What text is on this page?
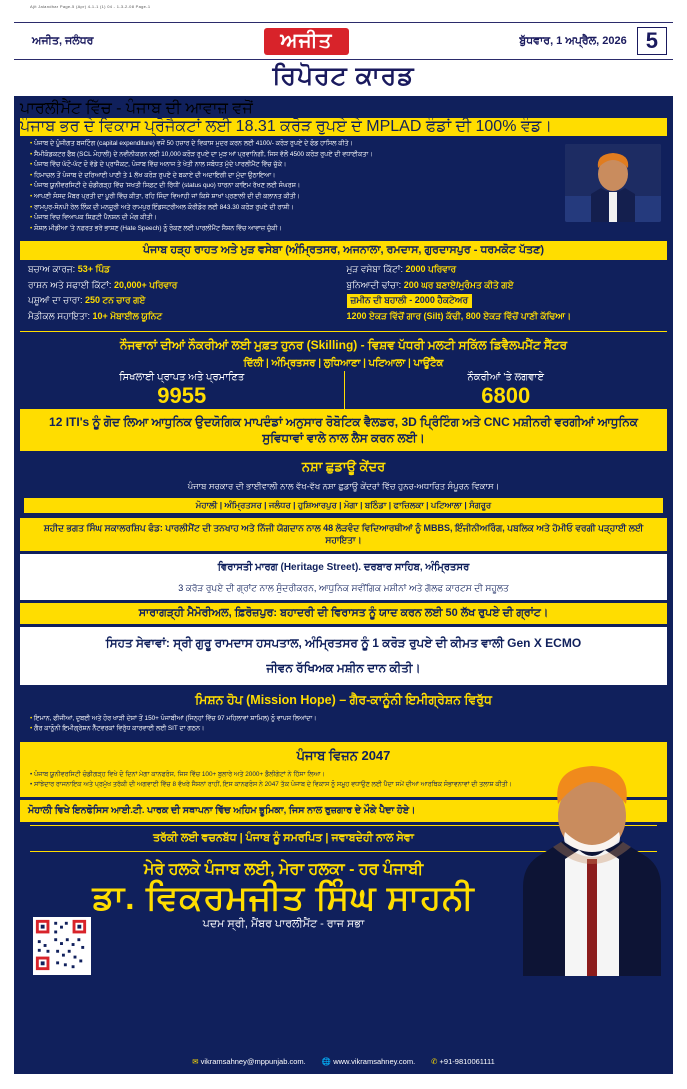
Ajit Jalandhar Page-5 (Apr) 4-1-1 (1) 04 - 1-3-2-08 Page-1
ਅਜੀਤ, ਜਲੰਧਰ	ਅਜੀਤ	ਬੁੱਧਵਾਰ, 1 ਅਪ੍ਰੈਲ, 2026 5
ਰਿਪੋਰਟ ਕਾਰਡ
ਪਾਰਲੀਮੈਂਟ ਵਿੱਚ - ਪੰਜਾਬ ਦੀ ਆਵਾਜ਼ ਵਜੋਂ
ਪੰਜਾਬ ਭਰ ਦੇ ਵਿਕਾਸ ਪ੍ਰੋਜੈਕਟਾਂ ਲਈ 18.31 ਕਰੋੜ ਰੁਪਏ ਦੇ MPLAD ਫੰਡਾਂ ਦੀ 100% ਵੰਡ।
• ਪੰਜਾਬ ਦੇ ਪੂੰਜੀਗਤ ਬਜਟਿੰਗ (capital expenditure) ਵਜੋਂ 50 ਹਜ਼ਾਰ ਦੇ ਵਿਕਾਸ ਮੁਦਰ ਕਰਨ ਲਈ 4100/- ਕਰੋੜ ਰੁਪਏ ਦੇ ਫੰਡ ਹਾਸਿਲ ਕੀਤੇ।
• ਸੈਮੀਕੰਡਕਟਰ ਫੈਬ (SCL ਮੋਹਾਲੀ) ਦੇ ਨਵੀਨੀਕਰਨ ਲਈ 10,000 ਕਰੋੜ ਰੁਪਏ ਦਾ ਮੁੜ ਆਂ ਪ੍ਰਵਾਨਿਗੀ, ਜਿਸ ਵੱਲੋਂ 4500 ਕਰੋੜ ਰੁਪਏ ਦੀ ਵਧਾਈਕਤਾ।
• ਪੰਜਾਬ ਵਿੱਚ ਘੱਟੋ-ਘੱਟ ਦੋ ਵੱਡੇ ਦੇ ਪ੍ਰਾਜੈਕਟ, ਪੰਜਾਬ ਵਿੱਚ ਅਨਾਜ ਤੇ ਖੇਤੀ ਨਾਲ ਸਬੰਧਤ ਮੁੱਦੇ ਪਾਰਲੀਮੈਂਟ ਵਿੱਚ ਚੁੱਕੇ।
• ਹਿਮਾਚਲ ਤੋਂ ਪੰਜਾਬ ਦੇ ਦਰਿਆਈ ਪਾਣੀ ਤੇ 1 ਲੱਖ ਕਰੋੜ ਰੁਪਏ ਦੇ ਬਕਾਏ ਦੀ ਅਦਾਇਗੀ ਦਾ ਮੁੱਦਾ ਉਠਾਇਆ।
• ਪੰਜਾਬ ਯੂਨੀਵਰਸਿਟੀ ਦੇ ਚੰਡੀਗੜ੍ਹ ਵਿੱਚ 'ਸਖਤੀ ਸ਼ਿਫ਼ਟ ਦੀ ਰਿੱਧੀ' (status quo) ਧਾਰਨਾ ਕਾਇਮ ਰੱਖਣ ਲਈ ਸੰਘਰਸ਼।
• ਆਪਣੀ ਸੰਸਦ ਮੈਂਬਰ ਪ੍ਰਤੀ ਦਾ ਪੂਰੀ ਵਿੱਚ ਕੀਤਾ, ਰਹਿ ਜਿੰਦਾ ਵਿਆਹੀ ਜਾਂ ਕਿਸੇ ਸ਼ਾਖਾਂ ਪ੍ਰਣਾਲੀ ਦੀ ਦੀ ਕਲਾਨਤ ਕੀਤੀ।
• ਰਾਮਪੁਰ-ਸੋਨਪੀ ਰੇਲ ਲਿੰਕ ਦੀ ਮਨਜੂਰੀ ਅਤੇ ਰਾਮਪੁਰ ਇੰਡਸਟਰੀਅਲ ਕੋਰੀਡੋਰ ਲਈ 843.30 ਕਰੋੜ ਰੁਪਏ ਦੀ ਰਾਸ਼ੀ।
• ਪੰਜਾਬ ਵਿਚ ਵਿਆਪਕ ਸ਼ਿਫ਼ਟੀ ਪੈਨਸ਼ਨ ਦੀ ਮੰਗ ਕੀਤੀ।
• ਸ਼ੋਸ਼ਲ ਮੀਡੀਆ 'ਤੇ ਨਫ਼ਰਤ ਭਰੇ ਭਾਸ਼ਣ (Hate Speech) ਨੂੰ ਰੋਕਣ ਲਈ ਪਾਰਲੀਮੈਂਟ ਸੈਸ਼ਨ ਵਿੱਚ ਆਵਾਜ਼ ਚੁੱਕੀ।
ਪੰਜਾਬ ਹੜ੍ਹ ਰਾਹਤ ਅਤੇ ਮੁੜ ਵਸੇਬਾ (ਅੰਮ੍ਰਿਤਸਰ, ਅਜਨਾਲਾ, ਰਮਦਾਸ, ਗੁਰਦਾਸਪੁਰ - ਧਰਮਕੋਟ ਪੱਤਣ)
ਬਚਾਅ ਕਾਰਜ: 53+ ਪਿੰਡ	ਮੁੜ ਵਸੇਬਾ ਕਿੱਟਾਂ: 2000 ਪਰਿਵਾਰ
ਰਾਸ਼ਨ ਅਤੇ ਸਫਾਈ ਕਿੱਟਾਂ: 20,000+ ਪਰਿਵਾਰ	ਬੁਨਿਆਦੀ ਢਾਂਚਾ: 200 ਘਰ ਬਣਾਏ/ਮੁਰੰਮਤ ਕੀਤੇ ਗਏ
ਪਸ਼ੂਆਂ ਦਾ ਚਾਰਾ: 250 ਟਨ ਚਾਰ ਗਏ	ਜ਼ਮੀਨ ਦੀ ਬਹਾਲੀ - 2000 ਹੈਕਟੇਅਰ
ਮੈਡੀਕਲ ਸਹਾਇਤਾ: 10+ ਮੋਬਾਈਲ ਯੂਨਿਟ	1200 ਏਕੜ ਵਿੱਚੋਂ ਗਾਰ (Silt) ਕੱਢੀ, 800 ਏਕੜ ਵਿੱਚੋਂ ਪਾਣੀ ਕੱਢਿਆ।
ਨੌਜਵਾਨਾਂ ਦੀਆਂ ਨੌਕਰੀਆਂ ਲਈ ਮੁਫ਼ਤ ਹੁਨਰ (Skilling) - ਵਿਸ਼ਵ ਪੱਧਰੀ ਮਲਟੀ ਸਕਿੱਲ ਡਿਵੈਲਪਮੈਂਟ ਸੈਂਟਰ
ਦਿੱਲੀ | ਅੰਮ੍ਰਿਤਸਰ | ਲੁਧਿਆਣਾ | ਪਟਿਆਲਾ | ਪਾਊਂਟੈਕ
ਸਿਖਲਾਈ ਪ੍ਰਾਪਤ ਅਤੇ ਪ੍ਰਮਾਣਿਤ
9955
ਨੌਕਰੀਆਂ 'ਤੇ ਲਗਵਾਏ
6800
12 ITI's ਨੂੰ ਗੋਦ ਲਿਆ ਆਧੁਨਿਕ ਉਦਯੋਗਿਕ ਮਾਪਦੰਡਾਂ ਅਨੁਸਾਰ ਰੋਬੋਟਿਕ ਵੈਲਡਰ, 3D ਪ੍ਰਿੰਟਿੰਗ ਅਤੇ CNC ਮਸ਼ੀਨਰੀ ਵਰਗੀਆਂ ਆਧੁਨਿਕ ਸੁਵਿਧਾਵਾਂ ਵਾਲੇ ਨਾਲ ਲੈਸ ਕਰਨ ਲਈ।
ਨਸ਼ਾ ਛੁਡਾਊ ਕੇਂਦਰ
ਪੰਜਾਬ ਸਰਕਾਰ ਦੀ ਭਾਈਵਾਲੀ ਨਾਲ ਵੱਖ-ਵੱਖ ਨਸ਼ਾ ਛੁਡਾਊ ਕੇਂਦਰਾਂ ਵਿੱਚ ਹੁਨਰ-ਅਧਾਰਿਤ ਸੰਪੂਰਨ ਵਿਕਾਸ।
ਮੋਹਾਲੀ | ਅੰਮ੍ਰਿਤਸਰ | ਜਲੰਧਰ | ਹੁਸ਼ਿਆਰਪੁਰ | ਮੋਗਾ | ਬਠਿੰਡਾ | ਫਾਜ਼ਿਲਕਾ | ਪਟਿਆਲਾ | ਸੰਗਰੂਰ
ਸ਼ਹੀਦ ਭਗਤ ਸਿੰਘ ਸਕਾਲਰਸ਼ਿਪ ਫੰਡ: ਪਾਰਲੀਮੈਂਟ ਦੀ ਤਨਖਾਹ ਅਤੇ ਨਿੱਜੀ ਯੋਗਦਾਨ ਨਾਲ 48 ਲੋੜਵੰਦ ਵਿਦਿਆਰਥੀਆਂ ਨੂੰ MBBS, ਇੰਜੀਨੀਅਰਿੰਗ, ਪਬਲਿਕ ਅਤੇ ਹੋਮੀਓ ਵਰਗੀ ਪੜ੍ਹਾਈ ਲਈ ਸਹਾਇਤਾ।
ਵਿਰਾਸਤੀ ਮਾਰਗ (Heritage Street). ਦਰਬਾਰ ਸਾਹਿਬ, ਅੰਮ੍ਰਿਤਸਰ
3 ਕਰੋੜ ਰੁਪਏ ਦੀ ਗ੍ਰਾਂਟ ਨਾਲ ਸੁੰਦਰੀਕਰਨ, ਆਧੁਨਿਕ ਸਵੀਂਗਿਕ ਮਸ਼ੀਨਾਂ ਅਤੇ ਗੋਲਫ ਕਾਰਟਸ ਦੀ ਸਹੂਲਤ
ਸਾਰਾਗੜ੍ਹੀ ਮੈਮੋਰੀਅਲ, ਫ਼ਿਰੋਜ਼ਪੁਰ: ਬਹਾਦਰੀ ਦੀ ਵਿਰਾਸਤ ਨੂੰ ਯਾਦ ਕਰਨ ਲਈ 50 ਲੱਖ ਰੁਪਏ ਦੀ ਗ੍ਰਾਂਟ।
ਸਿਹਤ ਸੇਵਾਵਾਂ: ਸ੍ਰੀ ਗੁਰੂ ਰਾਮਦਾਸ ਹਸਪਤਾਲ, ਅੰਮ੍ਰਿਤਸਰ ਨੂੰ 1 ਕਰੋੜ ਰੁਪਏ ਦੀ ਕੀਮਤ ਵਾਲੀ Gen X ECMO
ਜੀਵਨ ਰੱਖਿਅਕ ਮਸ਼ੀਨ ਦਾਨ ਕੀਤੀ।
ਮਿਸ਼ਨ ਹੋਪ (Mission Hope) – ਗੈਰ-ਕਾਨੂੰਨੀ ਇਮੀਗ੍ਰੇਸ਼ਨ ਵਿਰੁੱਧ
• ਇਮਾਨ, ਫੀਜੀਆਂ, ਦੁਬਈ ਅਤੇ ਹੋਰ ਖਾੜੀ ਦੇਸ਼ਾਂ ਤੋਂ 150+ ਪੰਜਾਬੀਆਂ (ਜਿਨ੍ਹਾਂ ਵਿੱਚ 97 ਮਹਿਲਾਵਾਂ ਸ਼ਾਮਿਲ) ਨੂੰ ਵਾਪਸ ਲਿਆਂਦਾ।
• ਗੈਰ ਕਾਨੂੰਨੀ ਇਮੀਗ੍ਰੇਸ਼ਨ ਨੈੱਟਵਰਕਾਂ ਵਿਰੁੱਧ ਕਾਰਵਾਈ ਲਈ SIT ਦਾ ਗਠਨ।
ਪੰਜਾਬ ਵਿਜ਼ਨ 2047
• ਪੰਜਾਬ ਯੂਨੀਵਰਸਿਟੀ ਚੰਡੀਗੜ੍ਹ ਵਿਖੇ ਦੋ ਦਿਨਾਂ ਮੇਗਾ ਕਾਨਫਰੰਸ, ਜਿਸ ਵਿੱਚ 100+ ਬੁਲਾਰੇ ਅਤੇ 2000+ ਡੈਲੀਗੇਟਾਂ ਨੇ ਹਿੱਸਾ ਲਿਆ।
• ਸਾਂਝੇਦਾਰ ਰਾਜਨਾਇਕ ਅਤੇ ਪ੍ਰਮੁੱਖ ਤਰੱਕੀ ਦੀ ਅਗਵਾਈ ਵਿੱਚ 8 ਵੱਖਰੇ ਸੈਸ਼ਨਾਂ ਰਾਹੀਂ, ਇਸ ਕਾਨਫਰੰਸ ਨੇ 2047 ਤੱਕ ਪੰਜਾਬ ਦੇ ਵਿਕਾਸ ਨੂੰ ਸਮੂਹ ਵਧਾਉਣ ਲਈ ਪੈਦਾ ਸਮੇਂ ਦੀਆਂ ਆਰਥਿਕ ਸੰਭਾਵਨਾਵਾਂ ਦੀ ਤਲਾਸ਼ ਕੀਤੀ।
ਮੋਹਾਲੀ ਵਿਖੇ ਇਨਫੋਸਿਸ ਆਈ.ਟੀ. ਪਾਰਕ ਦੀ ਸਥਾਪਨਾ ਵਿੱਚ ਅਹਿਮ ਭੂਮਿਕਾ, ਜਿਸ ਨਾਲ ਰੁਜ਼ਗਾਰ ਦੇ ਮੌਕੇ ਪੈਦਾ ਹੋਏ।
ਤਰੱਕੀ ਲਈ ਵਚਨਬੱਧ | ਪੰਜਾਬ ਨੂੰ ਸਮਰਪਿਤ | ਜਵਾਬਦੇਹੀ ਨਾਲ ਸੇਵਾ
ਮੇਰੇ ਹਲਕੇ ਪੰਜਾਬ ਲਈ, ਮੇਰਾ ਹਲਕਾ - ਹਰ ਪੰਜਾਬੀ
ਡਾ. ਵਿਕਰਮਜੀਤ ਸਿੰਘ ਸਾਹਨੀ
ਪਦਮ ਸ੍ਰੀ, ਮੈਂਬਰ ਪਾਰਲੀਮੈਂਟ - ਰਾਜ ਸਭਾ
✉ vikramsahney@mppunjab.com. 🌐 www.vikramsahney.com. ✆ +91-9810061111
